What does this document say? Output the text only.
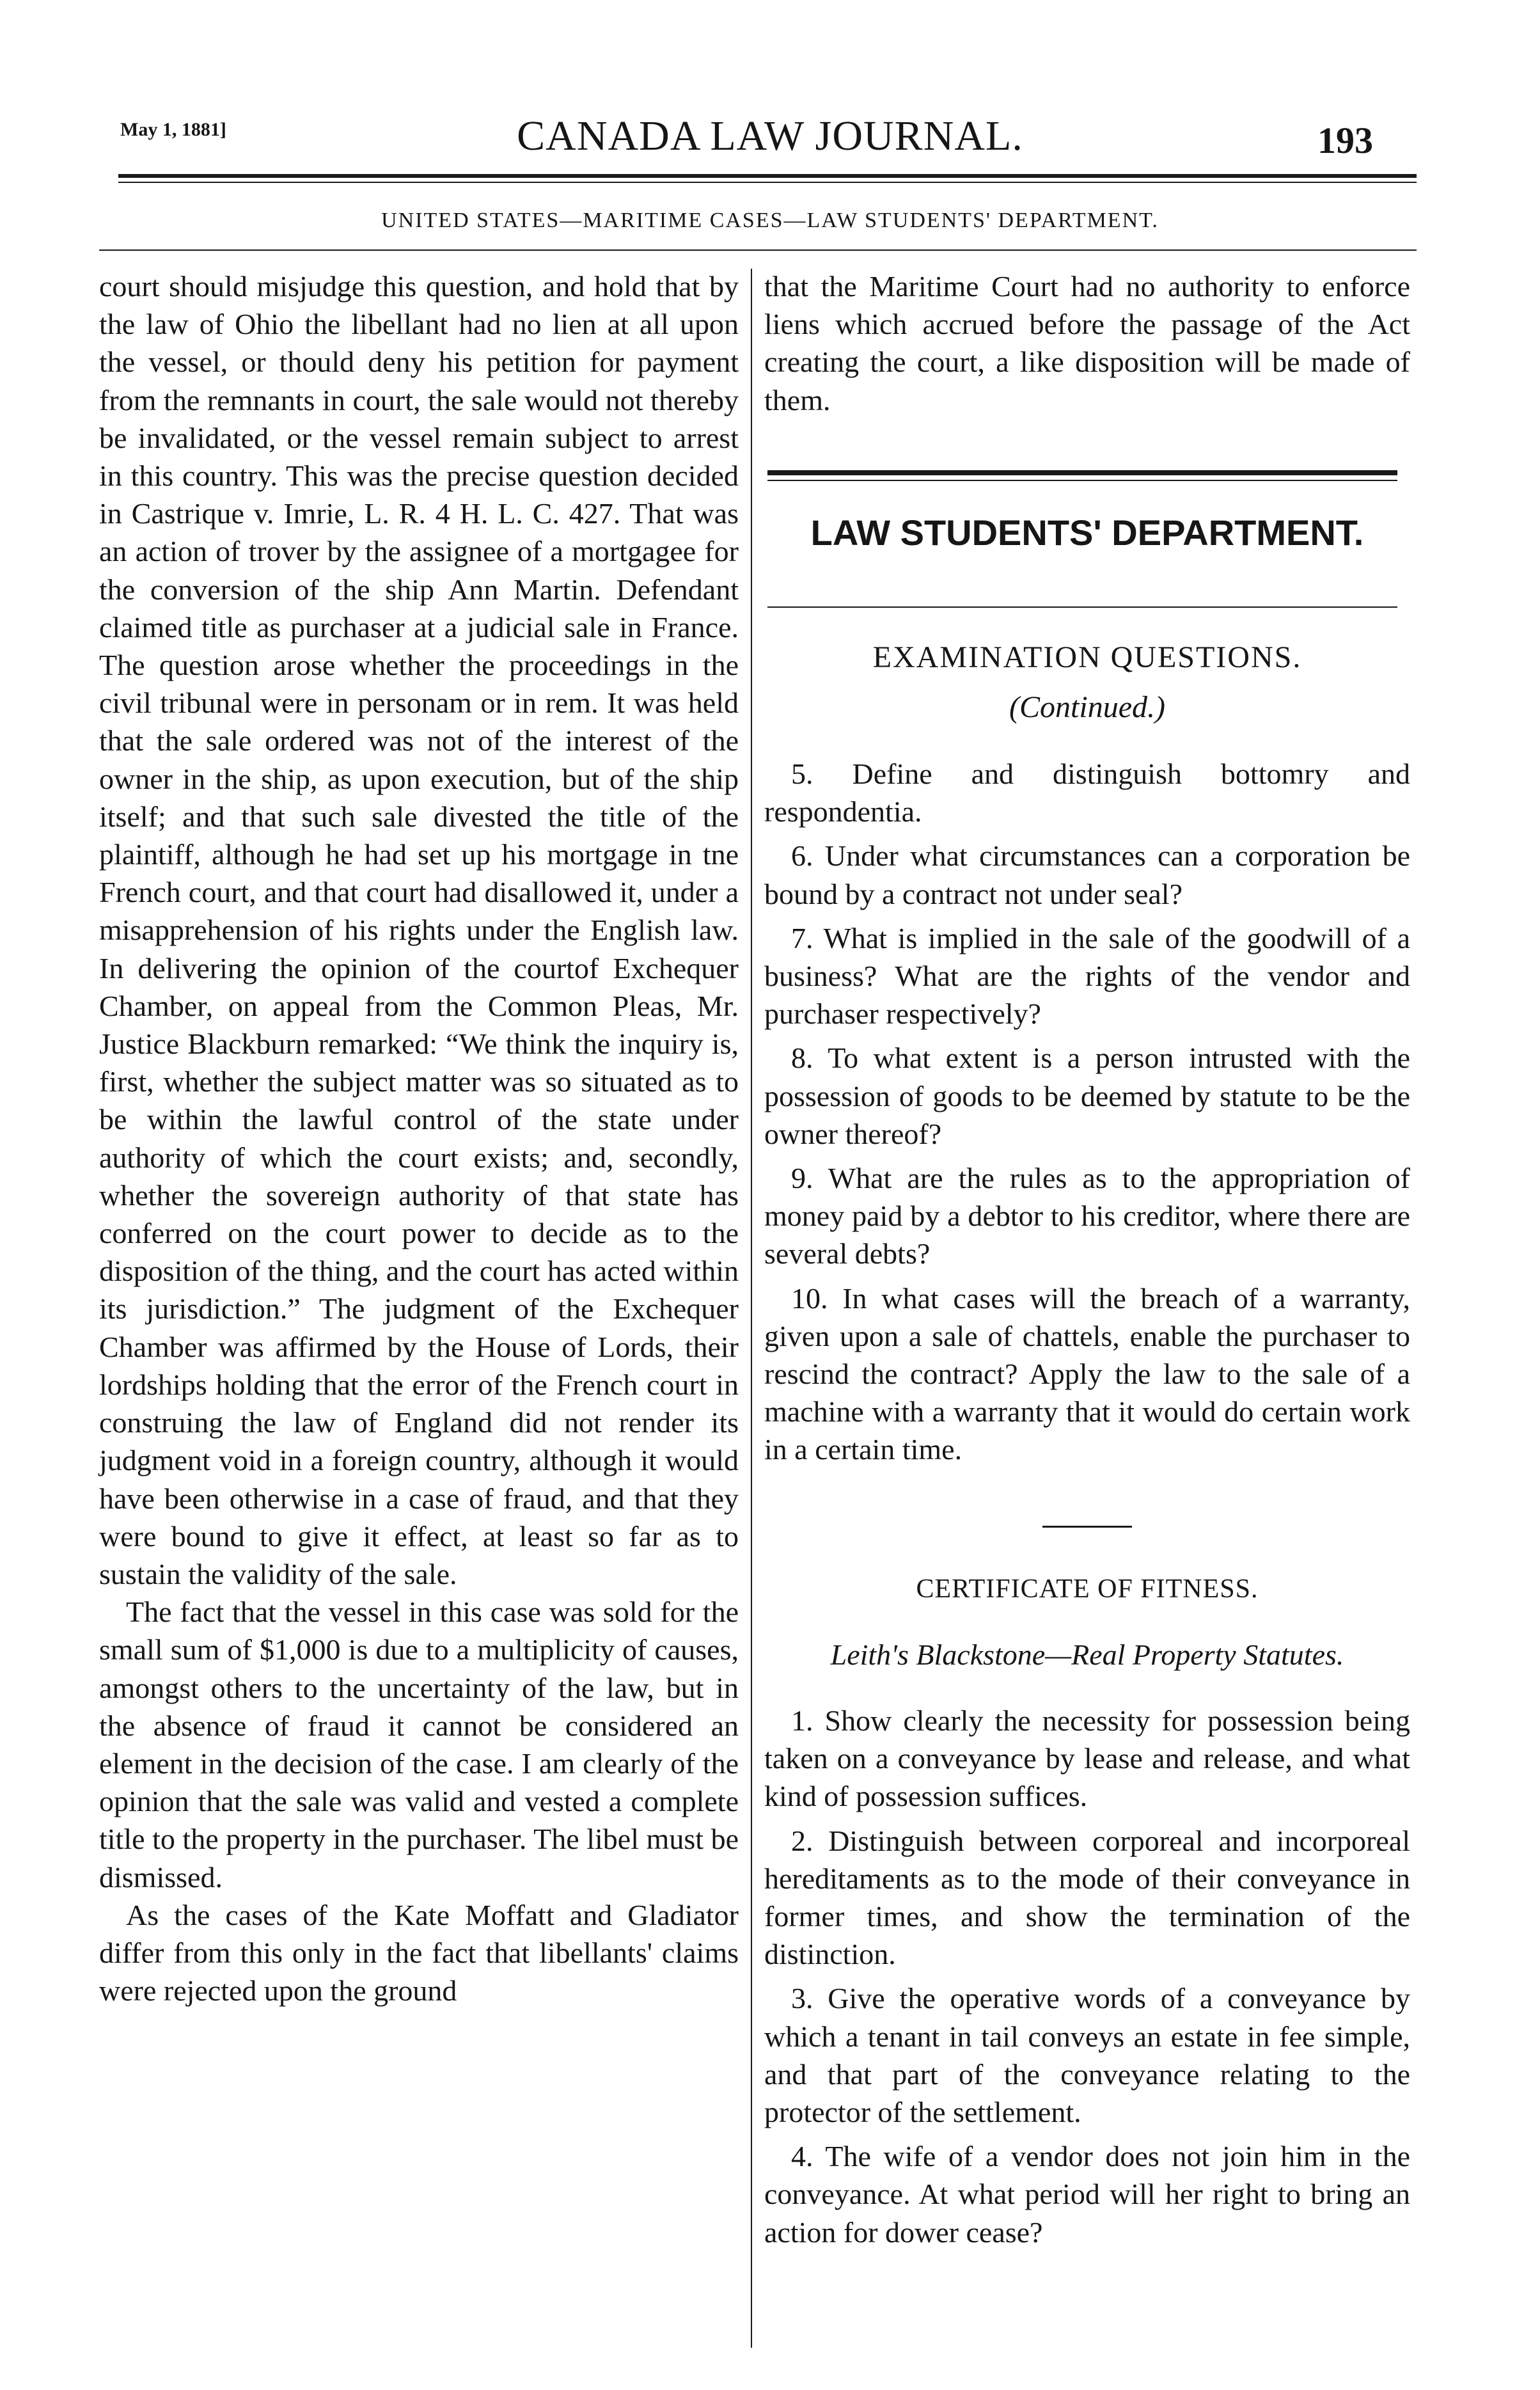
May 1, 1881]	CANADA LAW JOURNAL.	193
UNITED STATES—MARITIME CASES—LAW STUDENTS' DEPARTMENT.

court should misjudge this question, and hold that by the law of Ohio the libellant had no lien at all upon the vessel, or thould deny his petition for payment from the remnants in court, the sale would not thereby be invalidated, or the vessel remain subject to arrest in this country. This was the precise question decided in Castrique v. Imrie, L. R. 4 H. L. C. 427. That was an action of trover by the assignee of a mortgagee for the conversion of the ship Ann Martin. Defendant claimed title as purchaser at a judicial sale in France. The question arose whether the proceedings in the civil tribunal were in personam or in rem. It was held that the sale ordered was not of the interest of the owner in the ship, as upon execution, but of the ship itself; and that such sale divested the title of the plaintiff, although he had set up his mortgage in tne French court, and that court had disallowed it, under a misapprehension of his rights under the English law. In delivering the opinion of the courtof Exchequer Chamber, on appeal from the Common Pleas, Mr. Justice Blackburn remarked: “We think the inquiry is, first, whether the subject matter was so situated as to be within the lawful control of the state under authority of which the court exists; and, secondly, whether the sovereign authority of that state has conferred on the court power to decide as to the disposition of the thing, and the court has acted within its jurisdiction.” The judgment of the Exchequer Chamber was affirmed by the House of Lords, their lordships holding that the error of the French court in construing the law of England did not render its judgment void in a foreign country, although it would have been otherwise in a case of fraud, and that they were bound to give it effect, at least so far as to sustain the validity of the sale.

The fact that the vessel in this case was sold for the small sum of $1,000 is due to a multiplicity of causes, amongst others to the uncertainty of the law, but in the absence of fraud it cannot be considered an element in the decision of the case. I am clearly of the opinion that the sale was valid and vested a complete title to the property in the purchaser. The libel must be dismissed.

As the cases of the Kate Moffatt and Gladiator differ from this only in the fact that libellants' claims were rejected upon the ground

that the Maritime Court had no authority to enforce liens which accrued before the passage of the Act creating the court, a like disposition will be made of them.

LAW STUDENTS' DEPARTMENT.
EXAMINATION QUESTIONS.
(Continued.)

5. Define and distinguish bottomry and respondentia.

6. Under what circumstances can a corporation be bound by a contract not under seal?

7. What is implied in the sale of the goodwill of a business? What are the rights of the vendor and purchaser respectively?

8. To what extent is a person intrusted with the possession of goods to be deemed by statute to be the owner thereof?

9. What are the rules as to the appropriation of money paid by a debtor to his creditor, where there are several debts?

10. In what cases will the breach of a warranty, given upon a sale of chattels, enable the purchaser to rescind the contract? Apply the law to the sale of a machine with a warranty that it would do certain work in a certain time.

CERTIFICATE OF FITNESS.
Leith's Blackstone—Real Property Statutes.

1. Show clearly the necessity for possession being taken on a conveyance by lease and release, and what kind of possession suffices.

2. Distinguish between corporeal and incorporeal hereditaments as to the mode of their conveyance in former times, and show the termination of the distinction.

3. Give the operative words of a conveyance by which a tenant in tail conveys an estate in fee simple, and that part of the conveyance relating to the protector of the settlement.

4. The wife of a vendor does not join him in the conveyance. At what period will her right to bring an action for dower cease?
